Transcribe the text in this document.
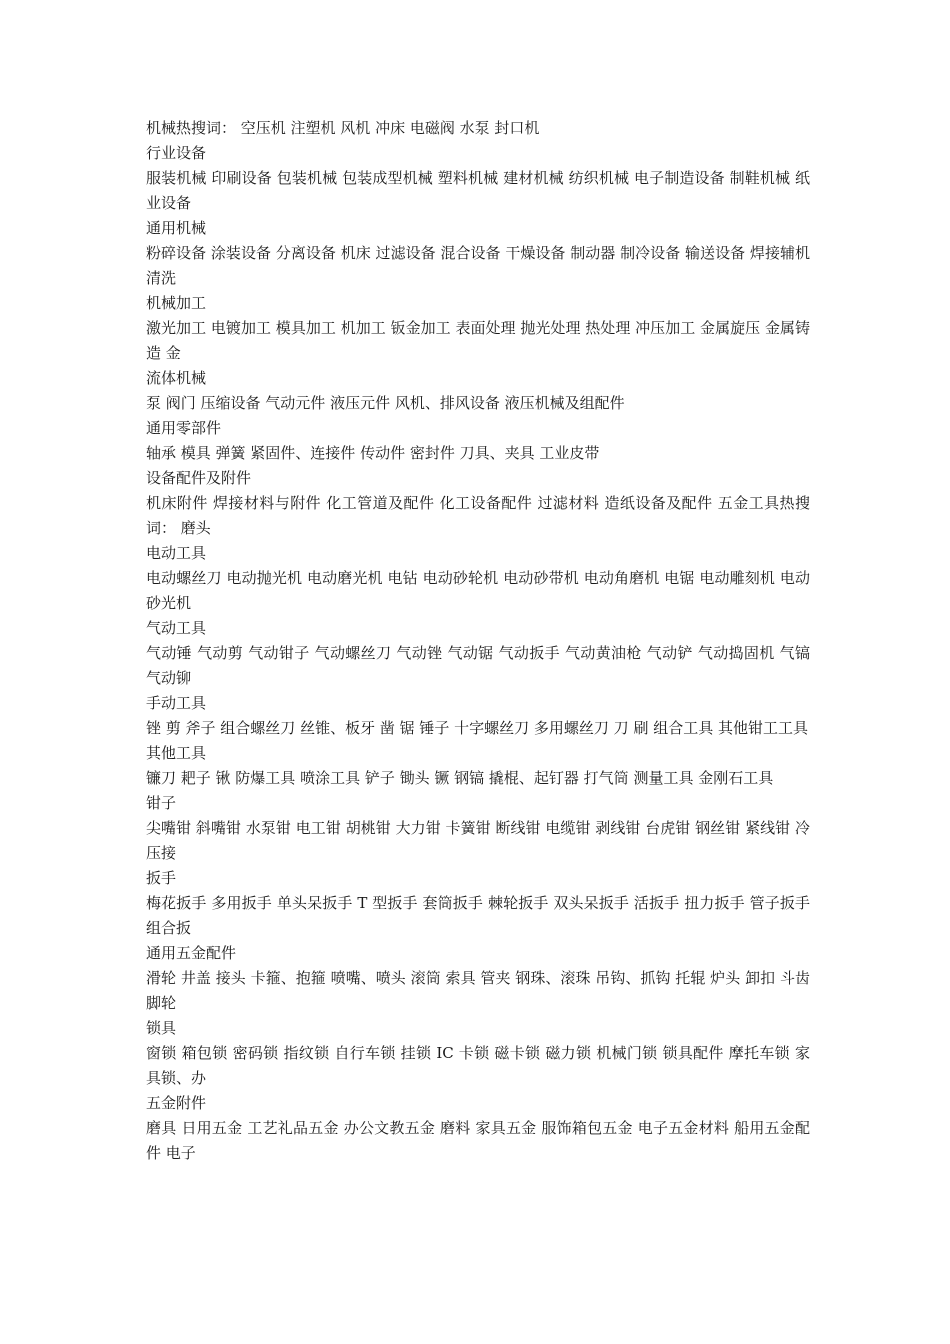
机械热搜词： 空压机 注塑机 风机 冲床 电磁阀 水泵 封口机
行业设备
服装机械 印刷设备 包装机械 包装成型机械 塑料机械 建材机械 纺织机械 电子制造设备 制鞋机械 纸业设备
通用机械
粉碎设备 涂装设备 分离设备 机床 过滤设备 混合设备 干燥设备 制动器 制冷设备 输送设备 焊接辅机 清洗
机械加工
激光加工 电镀加工 模具加工 机加工 钣金加工 表面处理 抛光处理 热处理 冲压加工 金属旋压 金属铸造 金
流体机械
泵 阀门 压缩设备 气动元件 液压元件 风机、排风设备 液压机械及组配件
通用零部件
轴承 模具 弹簧 紧固件、连接件 传动件 密封件 刀具、夹具 工业皮带
设备配件及附件
机床附件 焊接材料与附件 化工管道及配件 化工设备配件 过滤材料 造纸设备及配件 五金工具热搜词： 磨头
电动工具
电动螺丝刀 电动抛光机 电动磨光机 电钻 电动砂轮机 电动砂带机 电动角磨机 电锯 电动雕刻机 电动砂光机
气动工具
气动锤 气动剪 气动钳子 气动螺丝刀 气动锉 气动锯 气动扳手 气动黄油枪 气动铲 气动捣固机 气镐 气动铆
手动工具
锉 剪 斧子 组合螺丝刀 丝锥、板牙 凿 锯 锤子 十字螺丝刀 多用螺丝刀 刀 刷 组合工具 其他钳工工具
其他工具
镰刀 耙子 锹 防爆工具 喷涂工具 铲子 锄头 镢 钢镐 撬棍、起钉器 打气筒 测量工具 金刚石工具
钳子
尖嘴钳 斜嘴钳 水泵钳 电工钳 胡桃钳 大力钳 卡簧钳 断线钳 电缆钳 剥线钳 台虎钳 钢丝钳 紧线钳 冷压接
扳手
梅花扳手 多用扳手 单头呆扳手 T 型扳手 套筒扳手 棘轮扳手 双头呆扳手 活扳手 扭力扳手 管子扳手 组合扳
通用五金配件
滑轮 井盖 接头 卡箍、抱箍 喷嘴、喷头 滚筒 索具 管夹 钢珠、滚珠 吊钩、抓钩 托辊 炉头 卸扣 斗齿 脚轮
锁具
窗锁 箱包锁 密码锁 指纹锁 自行车锁 挂锁 IC 卡锁 磁卡锁 磁力锁 机械门锁 锁具配件 摩托车锁 家具锁、办
五金附件
磨具 日用五金 工艺礼品五金 办公文教五金 磨料 家具五金 服饰箱包五金 电子五金材料 船用五金配件 电子
